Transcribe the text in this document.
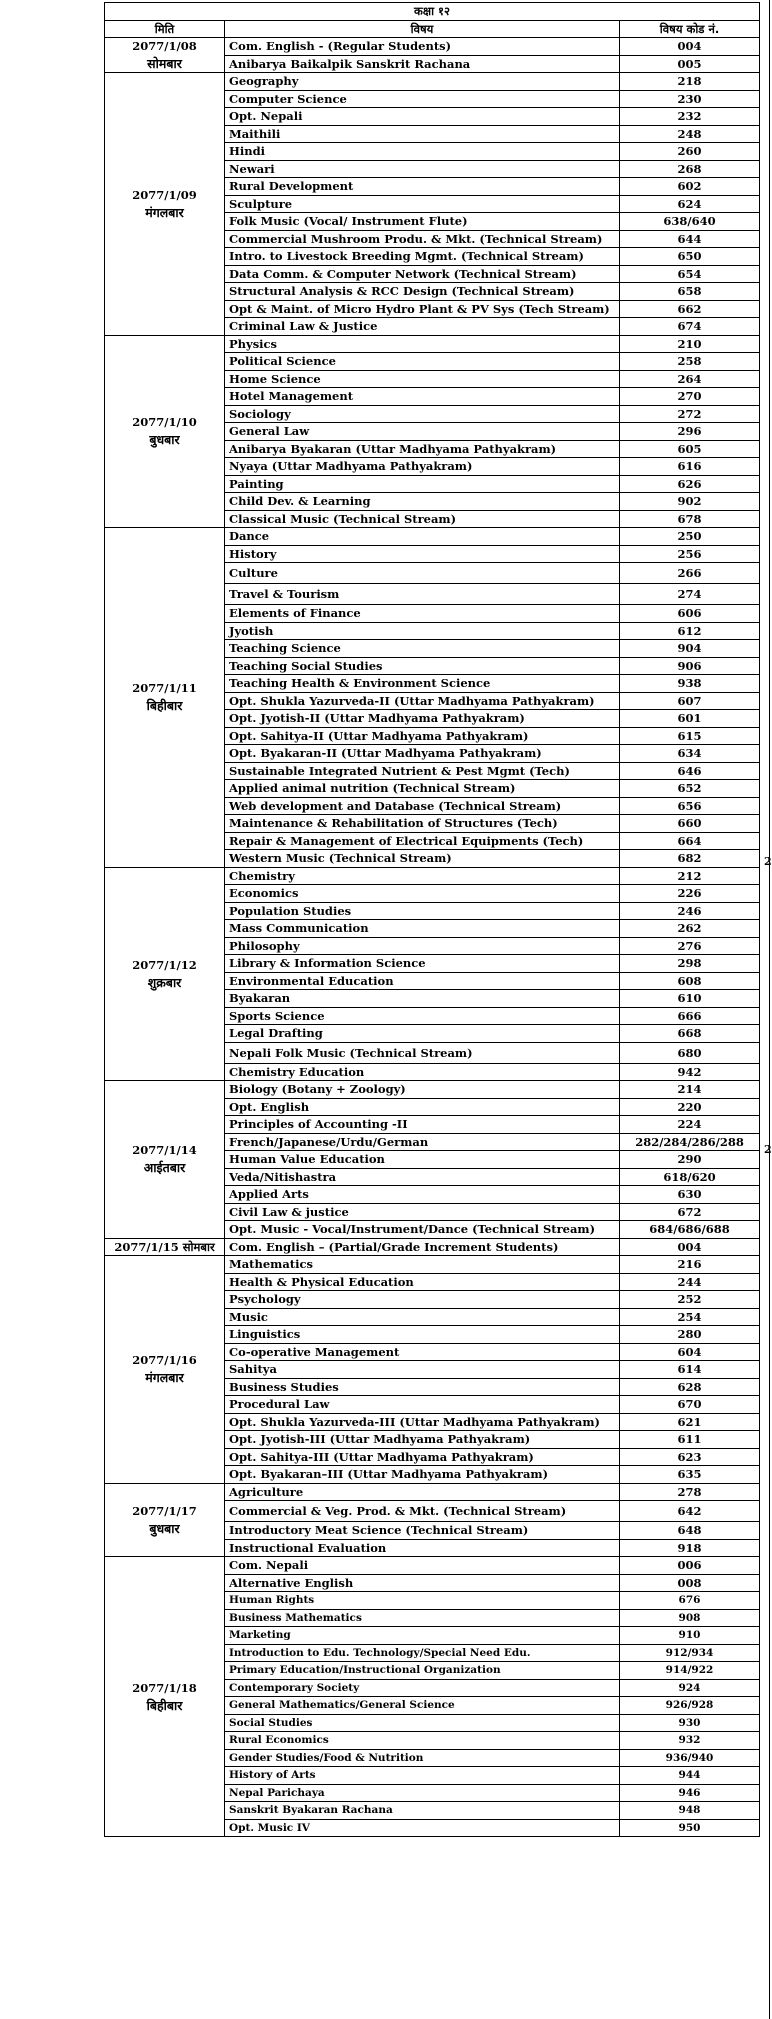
कक्षा १२		
मिति	विषय	विषय कोड नं.

2077/1/08
सोमबार	Com. English - (Regular Students)	004
	Anibarya Baikalpik Sanskrit Rachana	005

2077/1/09
मंगलबार	Geography	218
	Computer Science	230
	Opt. Nepali	232
	Maithili	248
	Hindi	260
	Newari	268
	Rural Development	602
	Sculpture	624
	Folk Music (Vocal/ Instrument Flute)	638/640
	Commercial Mushroom Produ. & Mkt. (Technical Stream)	644
	Intro. to Livestock Breeding Mgmt. (Technical Stream)	650
	Data Comm. & Computer Network (Technical Stream)	654
	Structural Analysis & RCC Design (Technical Stream)	658
	Opt & Maint. of Micro Hydro Plant & PV Sys (Tech Stream)	662
	Criminal Law & Justice	674

2077/1/10
बुधबार	Physics	210
	Political Science	258
	Home Science	264
	Hotel Management	270
	Sociology	272
	General Law	296
	Anibarya Byakaran (Uttar Madhyama Pathyakram)	605
	Nyaya (Uttar Madhyama Pathyakram)	616
	Painting	626
	Child Dev. & Learning	902
	Classical Music (Technical Stream)	678

2077/1/11
बिहीबार	Dance	250
	History	256
	Culture	266
	Travel & Tourism	274
	Elements of Finance	606
	Jyotish	612
	Teaching Science	904
	Teaching Social Studies	906
	Teaching Health & Environment Science	938
	Opt. Shukla Yazurveda-II (Uttar Madhyama Pathyakram)	607
	Opt. Jyotish-II (Uttar Madhyama Pathyakram)	601
	Opt. Sahitya-II (Uttar Madhyama Pathyakram)	615
	Opt. Byakaran-II (Uttar Madhyama Pathyakram)	634
	Sustainable Integrated Nutrient & Pest Mgmt (Tech)	646
	Applied animal nutrition (Technical Stream)	652
	Web development and Database (Technical Stream)	656
	Maintenance & Rehabilitation of Structures (Tech)	660
	Repair & Management of Electrical Equipments (Tech)	664
	Western Music (Technical Stream)	682

2077/1/12
शुक्रबार	Chemistry	212
	Economics	226
	Population Studies	246
	Mass Communication	262
	Philosophy	276
	Library & Information Science	298
	Environmental Education	608
	Byakaran	610
	Sports Science	666
	Legal Drafting	668
	Nepali Folk Music (Technical Stream)	680
	Chemistry Education	942

2077/1/14
आईतबार	Biology (Botany + Zoology)	214
	Opt. English	220
	Principles of Accounting -II	224
	French/Japanese/Urdu/German	282/284/286/288
	Human Value Education	290
	Veda/Nitishastra	618/620
	Applied Arts	630
	Civil Law & justice	672
	Opt. Music - Vocal/Instrument/Dance (Technical Stream)	684/686/688
2077/1/15 सोमबार	Com. English – (Partial/Grade Increment Students)	004

2077/1/16
मंगलबार	Mathematics	216
	Health & Physical Education	244
	Psychology	252
	Music	254
	Linguistics	280
	Co-operative Management	604
	Sahitya	614
	Business Studies	628
	Procedural Law	670
	Opt. Shukla Yazurveda-III (Uttar Madhyama Pathyakram)	621
	Opt. Jyotish-III (Uttar Madhyama Pathyakram)	611
	Opt. Sahitya-III (Uttar Madhyama Pathyakram)	623
	Opt. Byakaran–III (Uttar Madhyama Pathyakram)	635

2077/1/17
बुधबार	Agriculture	278
	Commercial & Veg. Prod. & Mkt. (Technical Stream)	642
	Introductory Meat Science (Technical Stream)	648
	Instructional Evaluation	918

2077/1/18
बिहीबार	Com. Nepali	006
	Alternative English	008
	Human Rights	676
	Business Mathematics	908
	Marketing	910
	Introduction to Edu. Technology/Special Need Edu.	912/934
	Primary Education/Instructional Organization	914/922
	Contemporary Society	924
	General Mathematics/General Science	926/928
	Social Studies	930
	Rural Economics	932
	Gender Studies/Food & Nutrition	936/940
	History of Arts	944
	Nepal Parichaya	946
	Sanskrit Byakaran Rachana	948
	Opt. Music IV	950
2
2
